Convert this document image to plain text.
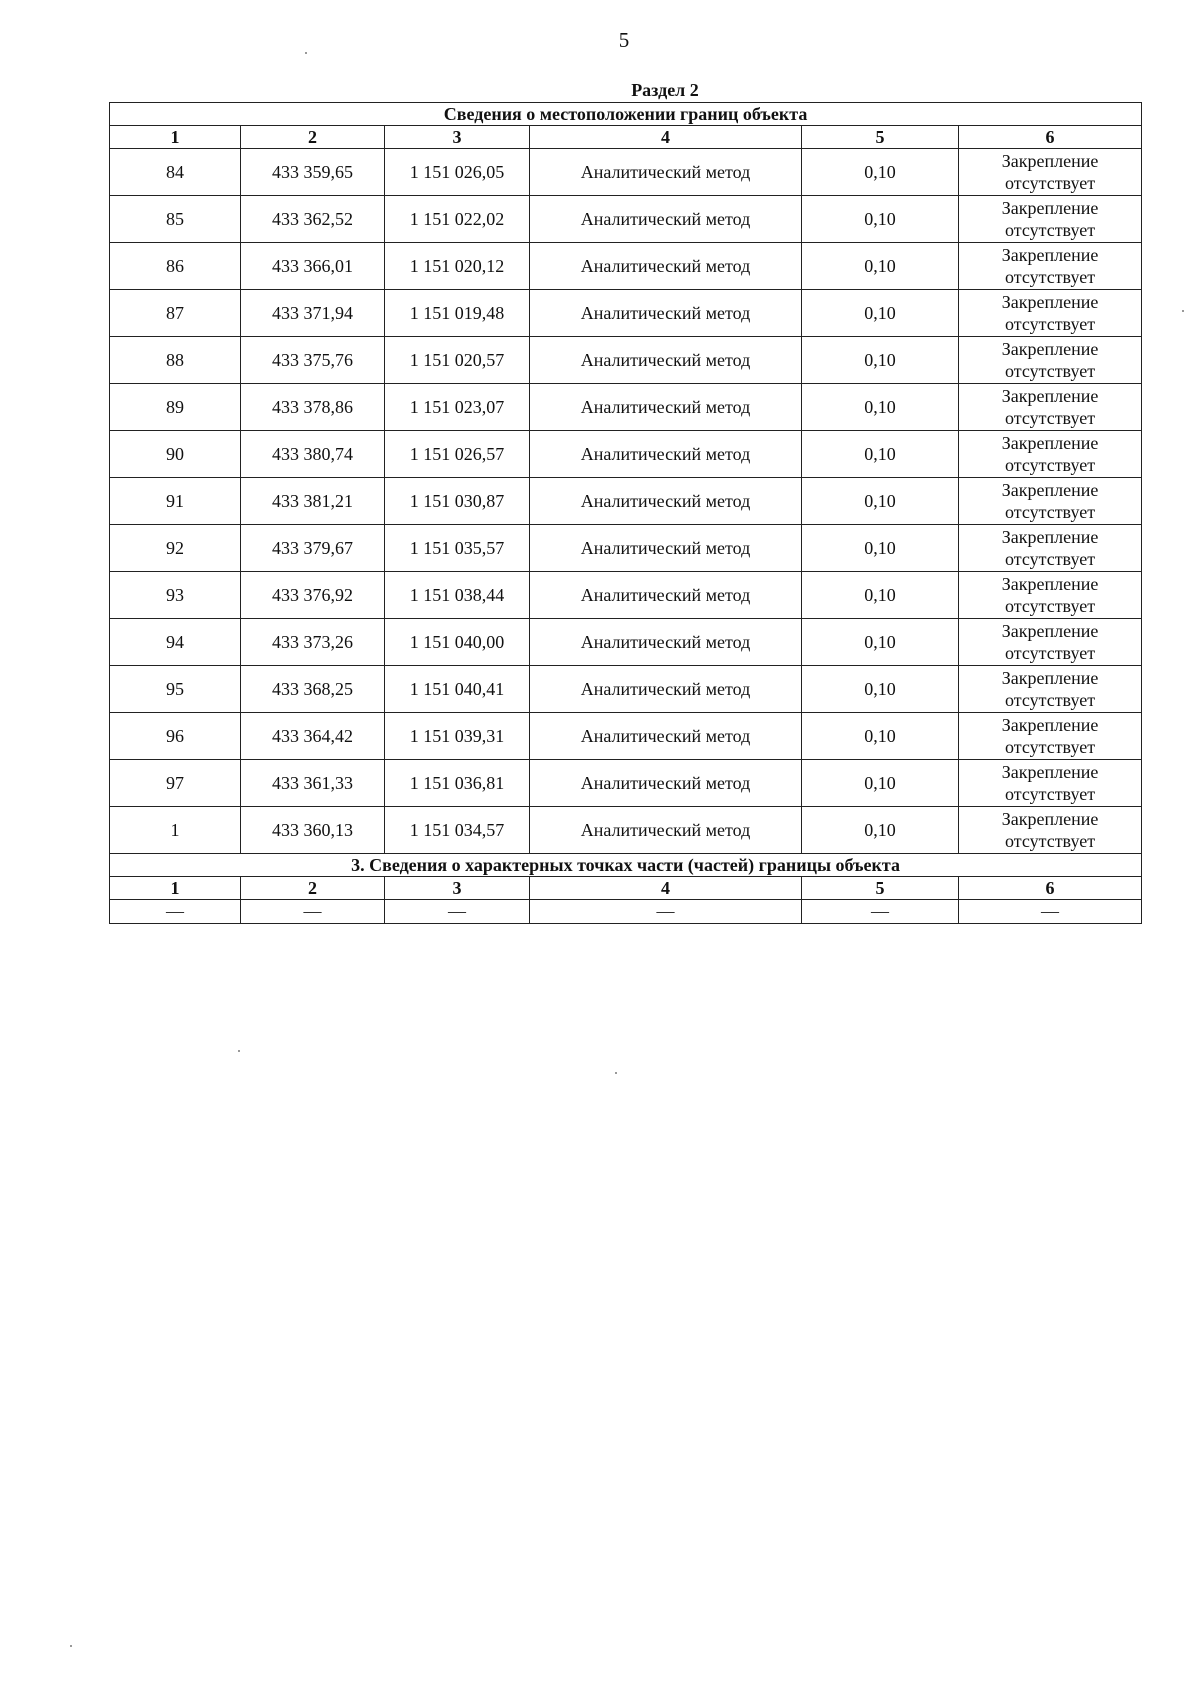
5
Раздел 2
Сведения о местоположении границ объекта					
1	2	3	4	5	6
84	433 359,65	1 151 026,05	Аналитический метод	0,10	Закрепление отсутствует
85	433 362,52	1 151 022,02	Аналитический метод	0,10	Закрепление отсутствует
86	433 366,01	1 151 020,12	Аналитический метод	0,10	Закрепление отсутствует
87	433 371,94	1 151 019,48	Аналитический метод	0,10	Закрепление отсутствует
88	433 375,76	1 151 020,57	Аналитический метод	0,10	Закрепление отсутствует
89	433 378,86	1 151 023,07	Аналитический метод	0,10	Закрепление отсутствует
90	433 380,74	1 151 026,57	Аналитический метод	0,10	Закрепление отсутствует
91	433 381,21	1 151 030,87	Аналитический метод	0,10	Закрепление отсутствует
92	433 379,67	1 151 035,57	Аналитический метод	0,10	Закрепление отсутствует
93	433 376,92	1 151 038,44	Аналитический метод	0,10	Закрепление отсутствует
94	433 373,26	1 151 040,00	Аналитический метод	0,10	Закрепление отсутствует
95	433 368,25	1 151 040,41	Аналитический метод	0,10	Закрепление отсутствует
96	433 364,42	1 151 039,31	Аналитический метод	0,10	Закрепление отсутствует
97	433 361,33	1 151 036,81	Аналитический метод	0,10	Закрепление отсутствует
1	433 360,13	1 151 034,57	Аналитический метод	0,10	Закрепление отсутствует
3. Сведения о характерных точках части (частей) границы объекта					
1	2	3	4	5	6
—	—	—	—	—	—
